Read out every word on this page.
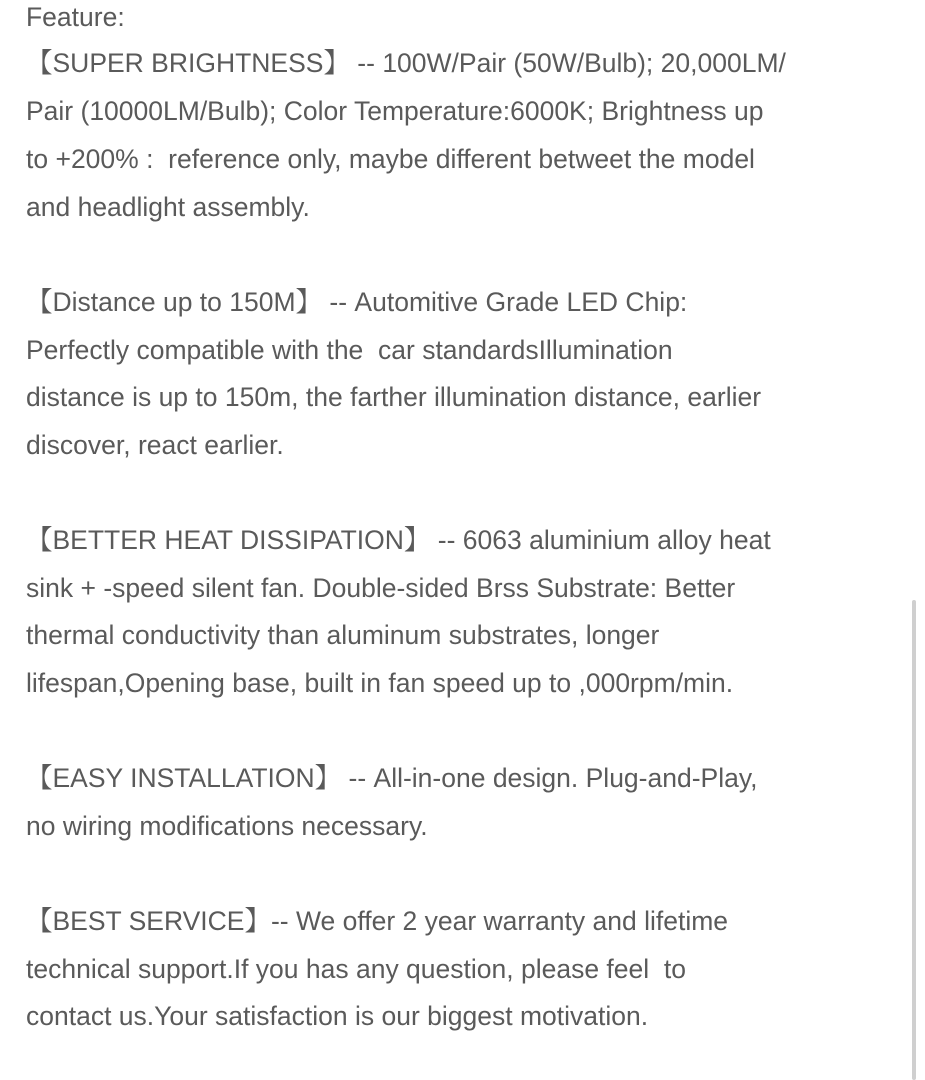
Feature:
【SUPER BRIGHTNESS】 -- 100W/Pair (50W/Bulb); 20,000LM/
Pair (10000LM/Bulb); Color Temperature:6000K; Brightness up
to +200% :  reference only, maybe different betweet the model
and headlight assembly.
【Distance up to 150M】 -- Automitive Grade LED Chip:
Perfectly compatible with the  car standardsIllumination
distance is up to 150m, the farther illumination distance, earlier
discover, react earlier.
【BETTER HEAT DISSIPATION】 -- 6063 aluminium alloy heat
sink + -speed silent fan. Double-sided Brss Substrate: Better
thermal conductivity than aluminum substrates, longer
lifespan,Opening base, built in fan speed up to ,000rpm/min.
【EASY INSTALLATION】 -- All-in-one design. Plug-and-Play,
no wiring modifications necessary.
【BEST SERVICE】-- We offer 2 year warranty and lifetime
technical support.If you has any question, please feel  to
contact us.Your satisfaction is our biggest motivation.
